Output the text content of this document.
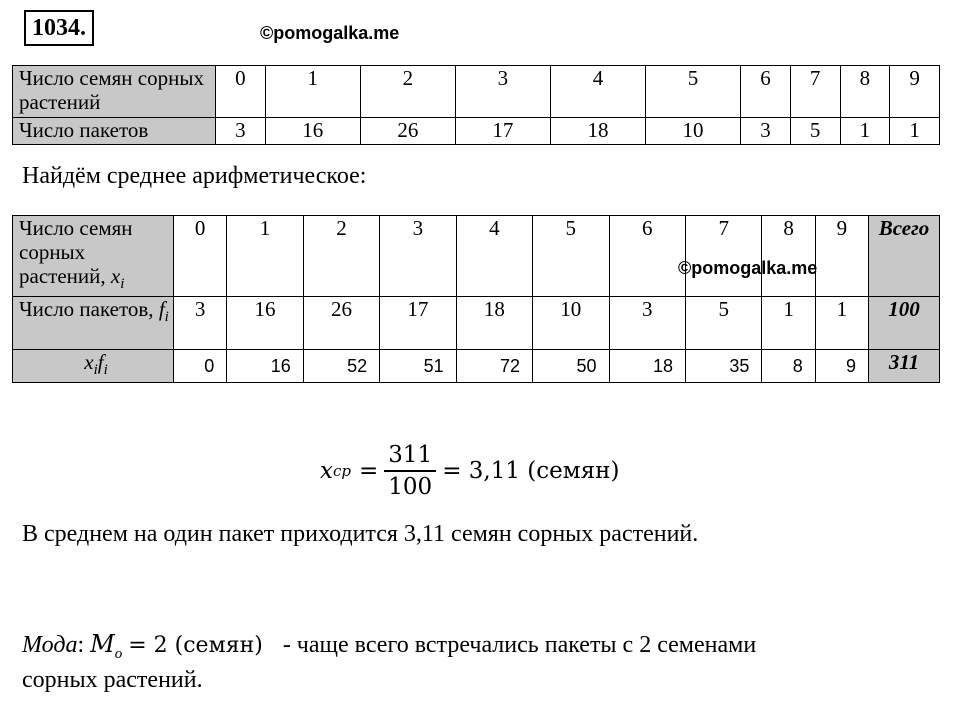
1034.	©pomogalka.me
Число семян сорных растений	0	1	2	3	4	5	6	7	8	9
Число пакетов	3	16	26	17	18	10	3	5	1	1
Найдём среднее арифметическое:
Число семян сорных растений, $x_i$	0	1	2	3	4	5	6	7	8	9	Всего
Число пакетов, $f_i$	3	16	26	17	18	10	3	5	1	1	100
$x_if_i$	0	16	52	51	72	50	18	35	8	9	311
©pomogalka.me
x ср = $\frac{311}{100} = 3,11$ (семян)
В среднем на один пакет приходится 3,11 семян сорных растений.
Мода: $M_o = 2$ (семян) - чаще всего встречались пакеты с 2 семенами
сорных растений.
